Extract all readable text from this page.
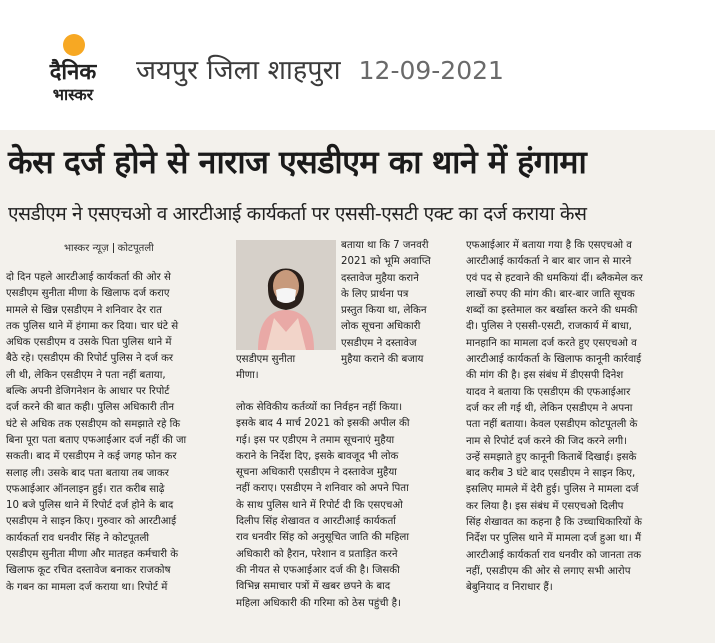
दैनिक
भास्कर
जयपुर जिला शाहपुरा 12-09-2021
केस दर्ज होने से नाराज एसडीएम का थाने में हंगामा
एसडीएम ने एसएचओ व आरटीआई कार्यकर्ता पर एससी-एसटी एक्ट का दर्ज कराया केस
भास्कर न्यूज़ कोटपूतली

दो दिन पहले आरटीआई कार्यकर्ता की ओर से

एसडीएम सुनीता मीणा के खिलाफ दर्ज कराए

मामले से खिन्न एसडीएम ने शनिवार देर रात

तक पुलिस थाने में हंगामा कर दिया। चार घंटे से

अधिक एसडीएम व उसके पिता पुलिस थाने में

बैठे रहे। एसडीएम की रिपोर्ट पुलिस ने दर्ज कर

ली थी, लेकिन एसडीएम ने पता नहीं बताया,

बल्कि अपनी डेजिगनेशन के आधार पर रिपोर्ट

दर्ज करने की बात कही। पुलिस अधिकारी तीन

घंटे से अधिक तक एसडीएम को समझाते रहे कि

बिना पूरा पता बताए एफआईआर दर्ज नहीं की जा

सकती। बाद में एसडीएम ने कई जगह फोन कर

सलाह ली। उसके बाद पता बताया तब जाकर

एफआईआर ऑनलाइन हुई। रात करीब साढ़े

10 बजे पुलिस थाने में रिपोर्ट दर्ज होने के बाद

एसडीएम ने साइन किए। गुरुवार को आरटीआई

कार्यकर्ता राव धनवीर सिंह ने कोटपूतली

एसडीएम सुनीता मीणा और मातहत कर्मचारी के

खिलाफ कूट रचित दस्तावेज बनाकर राजकोष

के गबन का मामला दर्ज कराया था। रिपोर्ट में

एसडीएम सुनीता

मीणा।

बताया था कि 7 जनवरी

2021 को भूमि अवाप्ति

दस्तावेज मुहैया कराने

के लिए प्रार्थना पत्र

प्रस्तुत किया था, लेकिन

लोक सूचना अधिकारी

एसडीएम ने दस्तावेज

मुहैया कराने की बजाय

लोक सेविकीय कर्तव्यों का निर्वहन नहीं किया।

इसके बाद 4 मार्च 2021 को इसकी अपील की

गई। इस पर एडीएम ने तमाम सूचनाएं मुहैया

कराने के निर्देश दिए, इसके बावजूद भी लोक

सूचना अधिकारी एसडीएम ने दस्तावेज मुहैया

नहीं कराए। एसडीएम ने शनिवार को अपने पिता

के साथ पुलिस थाने में रिपोर्ट दी कि एसएचओ

दिलीप सिंह शेखावत व आरटीआई कार्यकर्ता

राव धनवीर सिंह को अनुसूचित जाति की महिला

अधिकारी को हैरान, परेशान व प्रताड़ित करने

की नीयत से एफआईआर दर्ज की है। जिसकी

विभिन्न समाचार पत्रों में खबर छपने के बाद

महिला अधिकारी की गरिमा को ठेस पहुंची है।

एफआईआर में बताया गया है कि एसएचओ व

आरटीआई कार्यकर्ता ने बार बार जान से मारने

एवं पद से हटवाने की धमकियां दीं। ब्लैकमेल कर

लाखों रुपए की मांग की। बार-बार जाति सूचक

शब्दों का इस्तेमाल कर बर्खास्त करने की धमकी

दी। पुलिस ने एससी-एसटी, राजकार्य में बाधा,

मानहानि का मामला दर्ज करते हुए एसएचओ व

आरटीआई कार्यकर्ता के खिलाफ कानूनी कार्रवाई

की मांग की है। इस संबंध में डीएसपी दिनेश

यादव ने बताया कि एसडीएम की एफआईआर

दर्ज कर ली गई थी, लेकिन एसडीएम ने अपना

पता नहीं बताया। केवल एसडीएम कोटपूतली के

नाम से रिपोर्ट दर्ज करने की जिद करने लगी।

उन्हें समझाते हुए कानूनी किताबें दिखाई। इसके

बाद करीब 3 घंटे बाद एसडीएम ने साइन किए,

इसलिए मामले में देरी हुई। पुलिस ने मामला दर्ज

कर लिया है। इस संबंध में एसएचओ दिलीप

सिंह शेखावत का कहना है कि उच्चाधिकारियों के

निर्देश पर पुलिस थाने में मामला दर्ज हुआ था। मैं

आरटीआई कार्यकर्ता राव धनवीर को जानता तक

नहीं, एसडीएम की ओर से लगाए सभी आरोप

बेबुनियाद व निराधार हैं।
